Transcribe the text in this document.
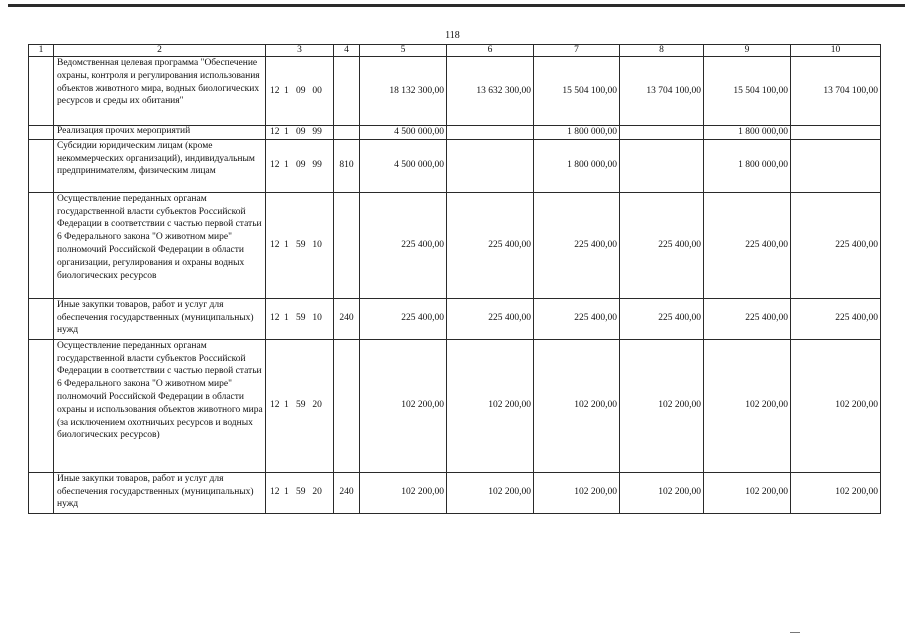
118
1	2	3	4	5	6	7	8	9	10
	Ведомственная целевая программа "Обеспечение охраны, контроля и регулирования использования объектов животного мира, водных биологических ресурсов и среды их обитания"	12 1 09 00		18 132 300,00	13 632 300,00	15 504 100,00	13 704 100,00	15 504 100,00	13 704 100,00
	Реализация прочих мероприятий	12 1 09 99		4 500 000,00		1 800 000,00		1 800 000,00	
	Субсидии юридическим лицам (кроме некоммерческих организаций), индивидуальным предпринимателям, физическим лицам	12 1 09 99	810	4 500 000,00		1 800 000,00		1 800 000,00	
	Осуществление переданных органам государственной власти субъектов Российской Федерации в соответствии с частью первой статьи 6 Федерального закона "О животном мире" полномочий Российской Федерации в области организации, регулирования и охраны водных биологических ресурсов	12 1 59 10		225 400,00	225 400,00	225 400,00	225 400,00	225 400,00	225 400,00
	Иные закупки товаров, работ и услуг для обеспечения государственных (муниципальных) нужд	12 1 59 10	240	225 400,00	225 400,00	225 400,00	225 400,00	225 400,00	225 400,00
	Осуществление переданных органам государственной власти субъектов Российской Федерации в соответствии с частью первой статьи 6 Федерального закона "О животном мире" полномочий Российской Федерации в области охраны и использования объектов животного мира (за исключением охотничьих ресурсов и водных биологических ресурсов)	12 1 59 20		102 200,00	102 200,00	102 200,00	102 200,00	102 200,00	102 200,00
	Иные закупки товаров, работ и услуг для обеспечения государственных (муниципальных) нужд	12 1 59 20	240	102 200,00	102 200,00	102 200,00	102 200,00	102 200,00	102 200,00
